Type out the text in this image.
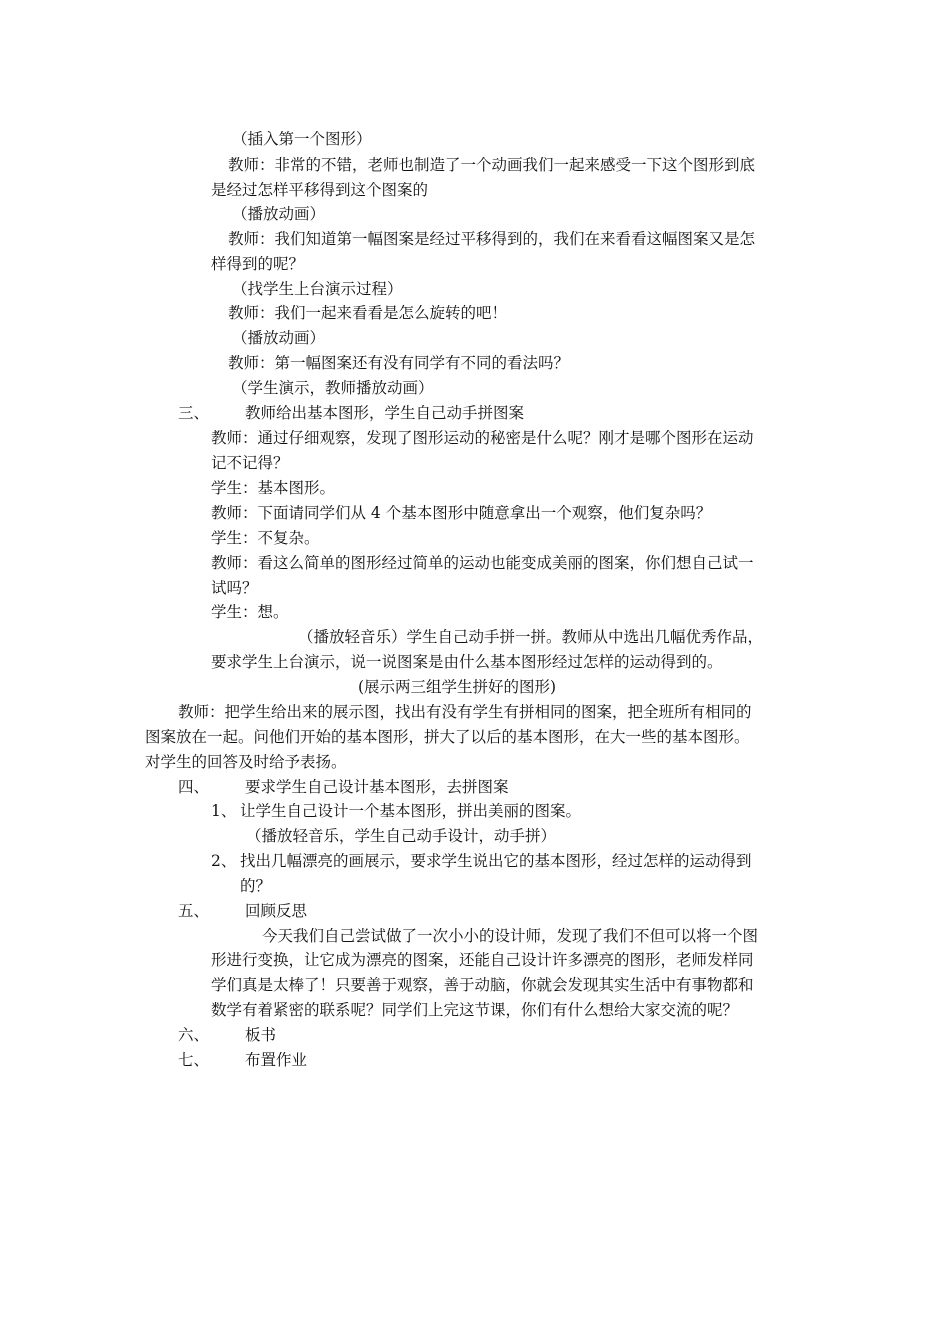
（插入第一个图形）
教师：非常的不错，老师也制造了一个动画我们一起来感受一下这个图形到底
是经过怎样平移得到这个图案的
（播放动画）
教师：我们知道第一幅图案是经过平移得到的，我们在来看看这幅图案又是怎
样得到的呢？
（找学生上台演示过程）
教师：我们一起来看看是怎么旋转的吧！
（播放动画）
教师：第一幅图案还有没有同学有不同的看法吗？
（学生演示，教师播放动画）
三、 教师给出基本图形，学生自己动手拼图案
教师：通过仔细观察，发现了图形运动的秘密是什么呢？刚才是哪个图形在运动
记不记得？
学生：基本图形。
教师：下面请同学们从 4 个基本图形中随意拿出一个观察，他们复杂吗？
学生：不复杂。
教师：看这么简单的图形经过简单的运动也能变成美丽的图案，你们想自己试一
试吗？
学生：想。
（播放轻音乐）学生自己动手拼一拼。教师从中选出几幅优秀作品，
要求学生上台演示，说一说图案是由什么基本图形经过怎样的运动得到的。
(展示两三组学生拼好的图形)
教师：把学生给出来的展示图，找出有没有学生有拼相同的图案，把全班所有相同的
图案放在一起。问他们开始的基本图形，拼大了以后的基本图形，在大一些的基本图形。
对学生的回答及时给予表扬。
四、 要求学生自己设计基本图形，去拼图案
1、 让学生自己设计一个基本图形，拼出美丽的图案。
（播放轻音乐，学生自己动手设计，动手拼）
2、 找出几幅漂亮的画展示，要求学生说出它的基本图形，经过怎样的运动得到
的？
五、 回顾反思
今天我们自己尝试做了一次小小的设计师，发现了我们不但可以将一个图
形进行变换，让它成为漂亮的图案，还能自己设计许多漂亮的图形，老师发样同
学们真是太棒了！只要善于观察，善于动脑，你就会发现其实生活中有事物都和
数学有着紧密的联系呢？同学们上完这节课，你们有什么想给大家交流的呢？
六、 板书
七、 布置作业
